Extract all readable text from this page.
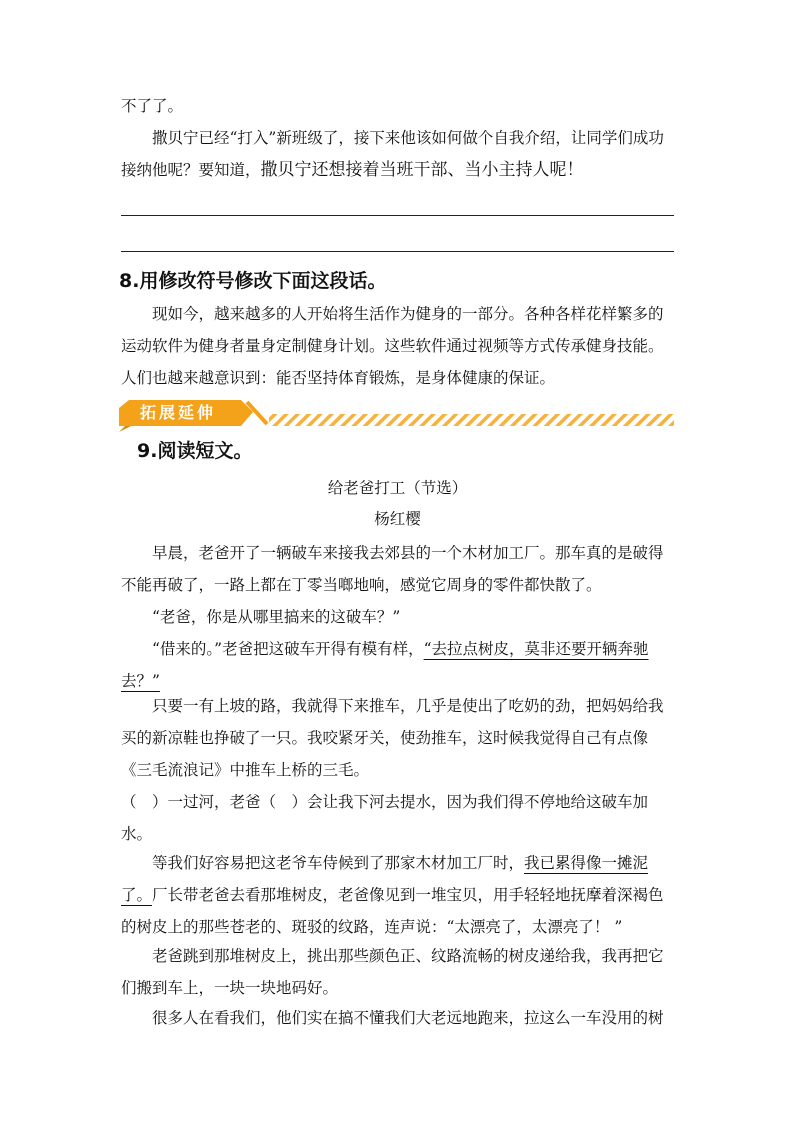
不了了。

撒贝宁已经“打入”新班级了，接下来他该如何做个自我介绍，让同学们成功接纳他呢？要知道，撒贝宁还想接着当班干部、当小主持人呢！

8.用修改符号修改下面这段话。

现如今，越来越多的人开始将生活作为健身的一部分。各种各样花样繁多的运动软件为健身者量身定制健身计划。这些软件通过视频等方式传承健身技能。人们也越来越意识到：能否坚持体育锻炼，是身体健康的保证。

拓展延伸
9.阅读短文。
给老爸打工（节选）
杨红樱

早晨，老爸开了一辆破车来接我去郊县的一个木材加工厂。那车真的是破得不能再破了，一路上都在丁零当啷地响，感觉它周身的零件都快散了。

“老爸，你是从哪里搞来的这破车？”

“借来的。”老爸把这破车开得有模有样，“去拉点树皮，莫非还要开辆奔驰去？”

只要一有上坡的路，我就得下来推车，几乎是使出了吃奶的劲，把妈妈给我买的新凉鞋也挣破了一只。我咬紧牙关，使劲推车，这时候我觉得自己有点像《三毛流浪记》中推车上桥的三毛。

（　）一过河，老爸（　）会让我下河去提水，因为我们得不停地给这破车加水。

等我们好容易把这老爷车侍候到了那家木材加工厂时，我已累得像一摊泥了。厂长带老爸去看那堆树皮，老爸像见到一堆宝贝，用手轻轻地抚摩着深褐色的树皮上的那些苍老的、斑驳的纹路，连声说：“太漂亮了，太漂亮了！ ”

老爸跳到那堆树皮上，挑出那些颜色正、纹路流畅的树皮递给我，我再把它们搬到车上，一块一块地码好。

很多人在看我们，他们实在搞不懂我们大老远地跑来，拉这么一车没用的树
